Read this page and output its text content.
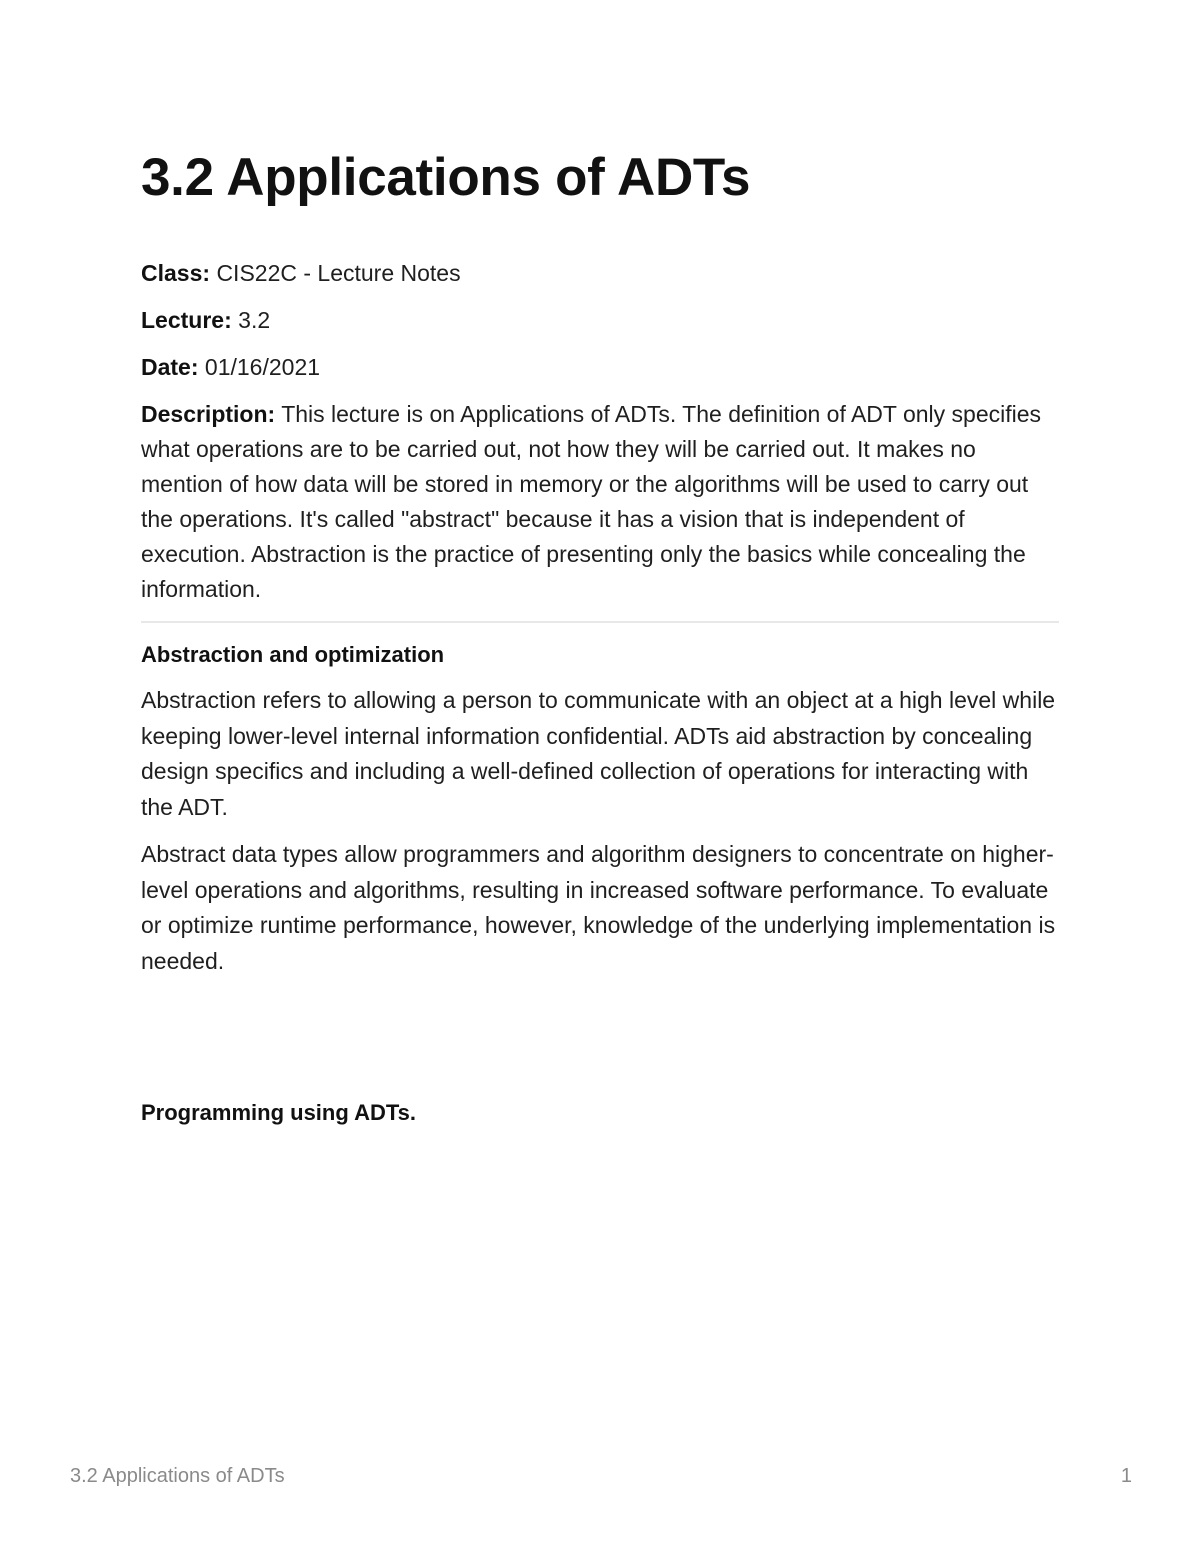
3.2 Applications of ADTs

Class: CIS22C - Lecture Notes

Lecture: 3.2

Date: 01/16/2021

Description: This lecture is on Applications of ADTs. The definition of ADT only specifies what operations are to be carried out, not how they will be carried out. It makes no mention of how data will be stored in memory or the algorithms will be used to carry out the operations. It's called "abstract" because it has a vision that is independent of execution. Abstraction is the practice of presenting only the basics while concealing the information.

Abstraction and optimization

Abstraction refers to allowing a person to communicate with an object at a high level while keeping lower-level internal information confidential. ADTs aid abstraction by concealing design specifics and including a well-defined collection of operations for interacting with the ADT.

Abstract data types allow programmers and algorithm designers to concentrate on higher-level operations and algorithms, resulting in increased software performance. To evaluate or optimize runtime performance, however, knowledge of the underlying implementation is needed.

Programming using ADTs.
3.2 Applications of ADTs	1
